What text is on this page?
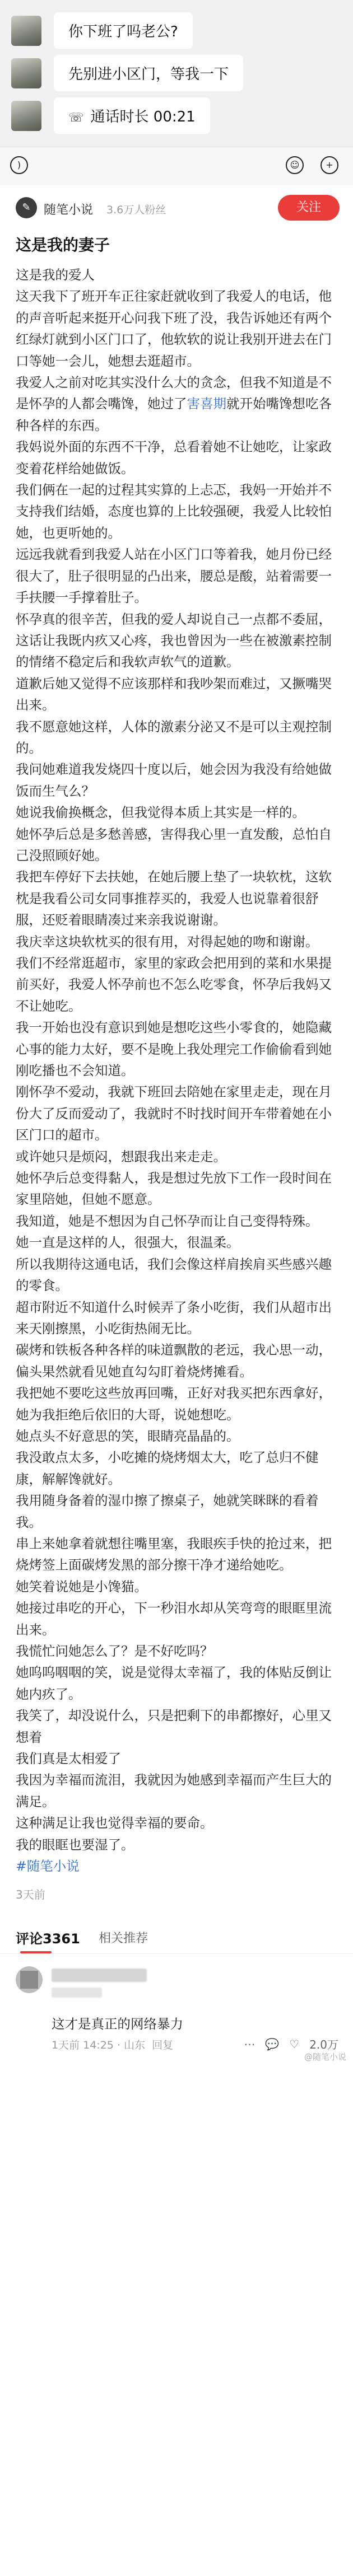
你下班了吗老公?
先别进小区门，等我一下
☏ 通话时长 00:21
)	☺	+
✎	随笔小说 3.6万人粉丝	关注
这是我的妻子

这是我的爱人

这天我下了班开车正往家赶就收到了我爱人的电话，他的声音听起来挺开心问我下班了没，我告诉她还有两个红绿灯就到小区门口了，他软软的说让我别开进去在门口等她一会儿，她想去逛超市。

我爱人之前对吃其实没什么大的贪念，但我不知道是不是怀孕的人都会嘴馋，她过了害喜期就开始嘴馋想吃各种各样的东西。

我妈说外面的东西不干净，总看着她不让她吃，让家政变着花样给她做饭。

我们俩在一起的过程其实算的上忐忑，我妈一开始并不支持我们结婚，态度也算的上比较强硬，我爱人比较怕她，也更听她的。

远远我就看到我爱人站在小区门口等着我，她月份已经很大了，肚子很明显的凸出来，腰总是酸，站着需要一手扶腰一手撑着肚子。

怀孕真的很辛苦，但我的爱人却说自己一点都不委屈，这话让我既内疚又心疼，我也曾因为一些在被激素控制的情绪不稳定后和我软声软气的道歉。

道歉后她又觉得不应该那样和我吵架而难过，又撅嘴哭出来。

我不愿意她这样，人体的激素分泌又不是可以主观控制的。

我问她难道我发烧四十度以后，她会因为我没有给她做饭而生气么？

她说我偷换概念，但我觉得本质上其实是一样的。

她怀孕后总是多愁善感，害得我心里一直发酸，总怕自己没照顾好她。

我把车停好下去扶她，在她后腰上垫了一块软枕，这软枕是我看公司女同事推荐买的，我爱人也说靠着很舒服，还贬着眼睛凑过来亲我说谢谢。

我庆幸这块软枕买的很有用，对得起她的吻和谢谢。

我们不经常逛超市，家里的家政会把用到的菜和水果提前买好，我爱人怀孕前也不怎么吃零食，怀孕后我妈又不让她吃。

我一开始也没有意识到她是想吃这些小零食的，她隐藏心事的能力太好，要不是晚上我处理完工作偷偷看到她刚吃播也不会知道。

刚怀孕不爱动，我就下班回去陪她在家里走走，现在月份大了反而爱动了，我就时不时找时间开车带着她在小区门口的超市。

或许她只是烦闷，想跟我出来走走。

她怀孕后总变得黏人，我是想过先放下工作一段时间在家里陪她，但她不愿意。

我知道，她是不想因为自己怀孕而让自己变得特殊。

她一直是这样的人，很强大，很温柔。

所以我期待这通电话，我们会像这样肩挨肩买些感兴趣的零食。

超市附近不知道什么时候弄了条小吃街，我们从超市出来天刚擦黑，小吃街热闹无比。

碳烤和铁板各种各样的味道飘散的老远，我心思一动，偏头果然就看见她直勾勾盯着烧烤摊看。

我把她不要吃这些放再回嘴，正好对我买把东西拿好，她为我拒绝后依旧的大哥，说她想吃。

她点头不好意思的笑，眼睛亮晶晶的。

我没敢点太多，小吃摊的烧烤烟太大，吃了总归不健康，解解馋就好。

我用随身备着的湿巾擦了擦桌子，她就笑眯眯的看着我。

串上来她拿着就想往嘴里塞，我眼疾手快的抢过来，把烧烤签上面碳烤发黑的部分擦干净才递给她吃。

她笑着说她是小馋猫。

她接过串吃的开心，下一秒泪水却从笑弯弯的眼眶里流出来。

我慌忙问她怎么了？是不好吃吗？

她呜呜咽咽的笑，说是觉得太幸福了，我的体贴反倒让她内疚了。

我笑了，却没说什么，只是把剩下的串都擦好，心里又想着

我们真是太相爱了

我因为幸福而流泪，我就因为她感到幸福而产生巨大的满足。

这种满足让我也觉得幸福的要命。

我的眼眶也要湿了。

#随笔小说
3天前
评论3361 相关推荐
这才是真正的网络暴力
1天前 14:25 · 山东 回复	⋯ 💬 ♡ 2.0万
@随笔小说
